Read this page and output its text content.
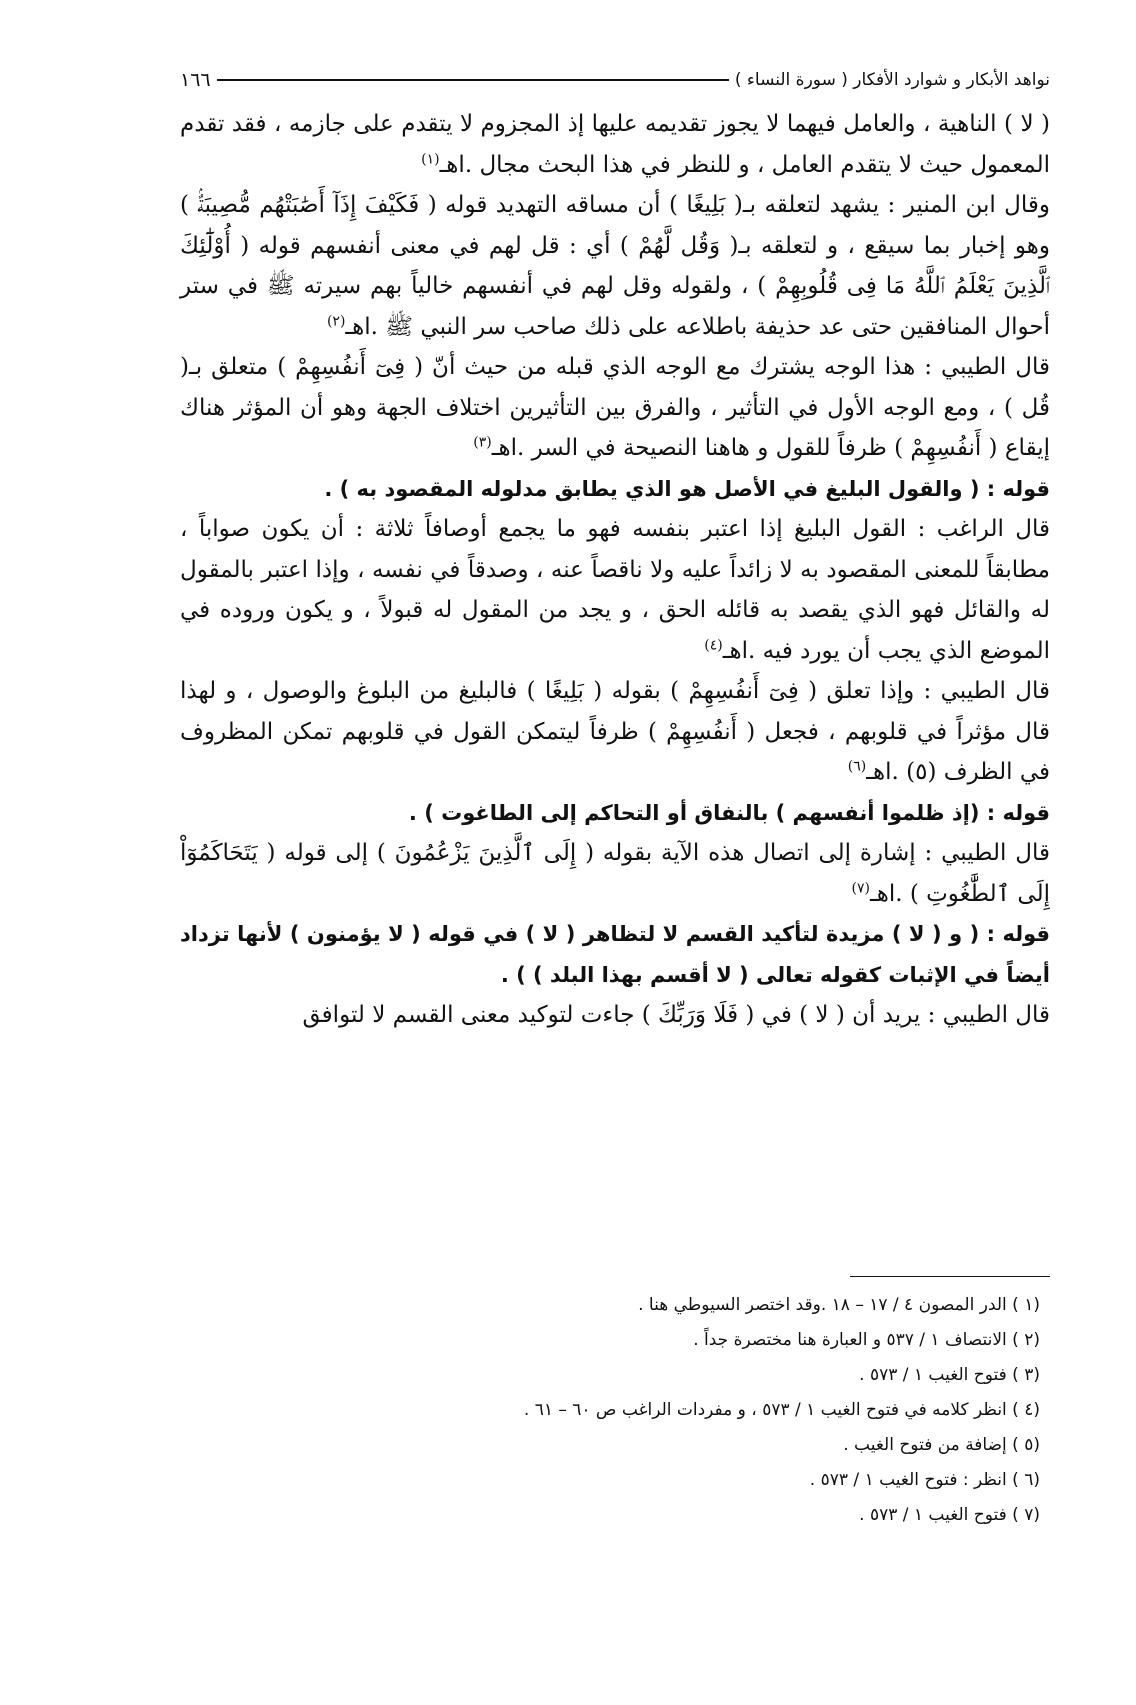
نواهد الأبكار و شوارد الأفكار ( سورة النساء )
١٦٦

( لا ) الناهية ، والعامل فيهما لا يجوز تقديمه عليها إذ المجزوم لا يتقدم على جازمه ، فقد تقدم المعمول حيث لا يتقدم العامل ، و للنظر في هذا البحث مجال .اهـ$^{(١)}$

وقال ابن المنير : يشهد لتعلقه بـ( بَلِيغًا ) أن مساقه التهديد قوله ( فَكَيْفَ إِذَآ أَصَٰبَتْهُم مُّصِيبَةٌۢ ) وهو إخبار بما سيقع ، و لتعلقه بـ( وَقُل لَّهُمْ ) أي : قل لهم في معنى أنفسهم قوله ( أُوْلَٰٓئِكَ ٱلَّذِينَ يَعْلَمُ ٱللَّهُ مَا فِى قُلُوبِهِمْ ) ، ولقوله وقل لهم في أنفسهم خالياً بهم سيرته ﷺ في ستر أحوال المنافقين حتى عد حذيفة باطلاعه على ذلك صاحب سر النبي ﷺ .اهـ$^{(٢)}$

قال الطيبي : هذا الوجه يشترك مع الوجه الذي قبله من حيث أنّ ( فِىٓ أَنفُسِهِمْ ) متعلق بـ( قُل ) ، ومع الوجه الأول في التأثير ، والفرق بين التأثيرين اختلاف الجهة وهو أن المؤثر هناك إيقاع ( أَنفُسِهِمْ ) ظرفاً للقول و هاهنا النصيحة في السر .اهـ$^{(٣)}$

قوله : ( والقول البليغ في الأصل هو الذي يطابق مدلوله المقصود به ) .

قال الراغب : القول البليغ إذا اعتبر بنفسه فهو ما يجمع أوصافاً ثلاثة : أن يكون صواباً ، مطابقاً للمعنى المقصود به لا زائداً عليه ولا ناقصاً عنه ، وصدقاً في نفسه ، وإذا اعتبر بالمقول له والقائل فهو الذي يقصد به قائله الحق ، و يجد من المقول له قبولاً ، و يكون وروده في الموضع الذي يجب أن يورد فيه .اهـ$^{(٤)}$

قال الطيبي : وإذا تعلق ( فِىٓ أَنفُسِهِمْ ) بقوله ( بَلِيغًا ) فالبليغ من البلوغ والوصول ، و لهذا قال مؤثراً في قلوبهم ، فجعل ( أَنفُسِهِمْ ) ظرفاً ليتمكن القول في قلوبهم تمكن المظروف في الظرف (٥) .اهـ$^{(٦)}$

قوله : (إذ ظلموا أنفسهم ) بالنفاق أو التحاكم إلى الطاغوت ) .

قال الطيبي : إشارة إلى اتصال هذه الآية بقوله ( إِلَى ٱلَّذِينَ يَزْعُمُونَ ) إلى قوله ( يَتَحَاكَمُوٓاْ إِلَى ٱلطَّٰغُوتِ ) .اهـ$^{(٧)}$

قوله : ( و ( لا ) مزيدة لتأكيد القسم لا لتظاهر ( لا ) في قوله ( لا يؤمنون ) لأنها تزداد أيضاً في الإثبات كقوله تعالى ( لا أقسم بهذا البلد ) ) .

قال الطيبي : يريد أن ( لا ) في ( فَلَا وَرَبِّكَ ) جاءت لتوكيد معنى القسم لا لتوافق

(١ ) الدر المصون ٤ / ١٧ – ١٨ .وقد اختصر السيوطي هنا .
(٢ ) الانتصاف ١ / ٥٣٧ و العبارة هنا مختصرة جداً .
(٣ ) فتوح الغيب ١ / ٥٧٣ .
(٤ ) انظر كلامه في فتوح الغيب ١ / ٥٧٣ ، و مفردات الراغب ص ٦٠ – ٦١ .
(٥ ) إضافة من فتوح الغيب .
(٦ ) انظر : فتوح الغيب ١ / ٥٧٣ .
(٧ ) فتوح الغيب ١ / ٥٧٣ .
